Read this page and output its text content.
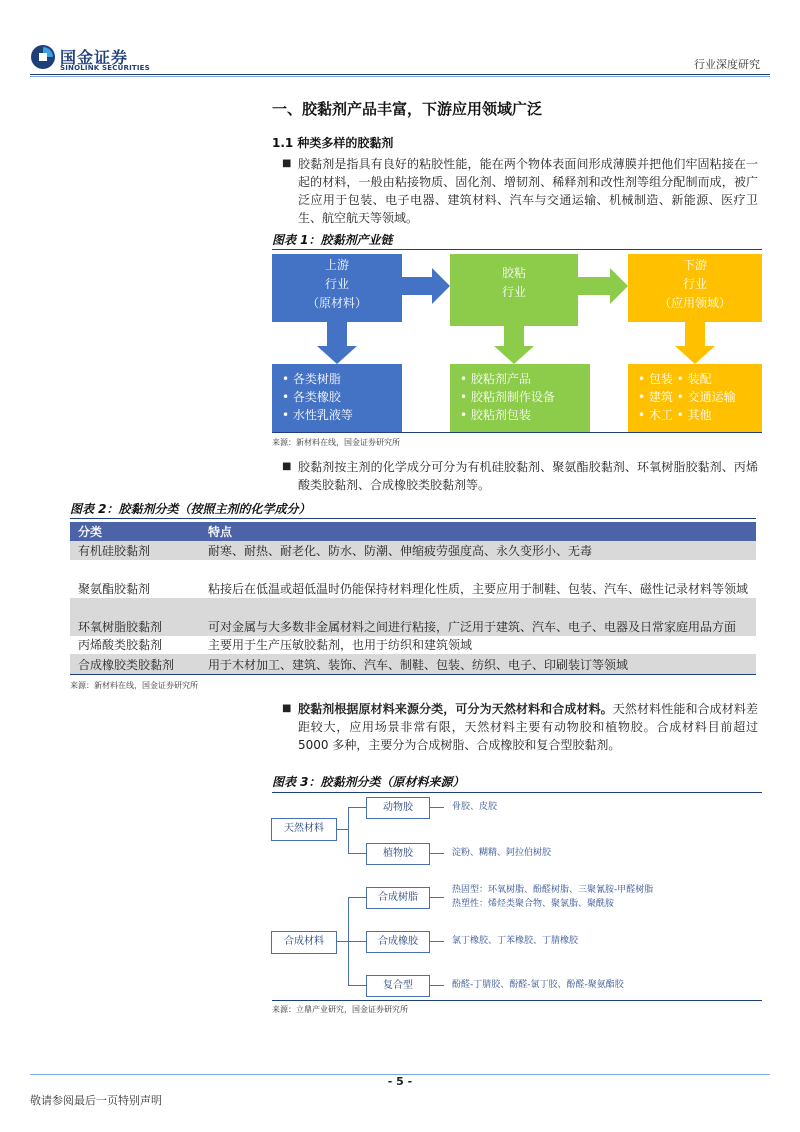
国金证券
SINOLINK SECURITIES	行业深度研究
一、胶黏剂产品丰富，下游应用领域广泛
1.1 种类多样的胶黏剂
■ 胶黏剂是指具有良好的粘胶性能，能在两个物体表面间形成薄膜并把他们牢固粘接在一起的材料，一般由粘接物质、固化剂、增韧剂、稀释剂和改性剂等组分配制而成，被广泛应用于包装、电子电器、建筑材料、汽车与交通运输、机械制造、新能源、医疗卫生、航空航天等领域。
图表 1：胶黏剂产业链
上游
行业
（原材料）
胶粘
行业
下游
行业
（应用领域）
• 各类树脂
• 各类橡胶
• 水性乳液等
• 胶粘剂产品
• 胶粘剂制作设备
• 胶粘剂包装
• 包装 • 装配
• 建筑 • 交通运输
• 木工 • 其他
来源：新材料在线，国金证券研究所
■ 胶黏剂按主剂的化学成分可分为有机硅胶黏剂、聚氨酯胶黏剂、环氧树脂胶黏剂、丙烯酸类胶黏剂、合成橡胶类胶黏剂等。
图表 2：胶黏剂分类（按照主剂的化学成分）
分类	特点
有机硅胶黏剂	耐寒、耐热、耐老化、防水、防潮、伸缩疲劳强度高、永久变形小、无毒
聚氨酯胶黏剂	粘接后在低温或超低温时仍能保持材料理化性质，主要应用于制鞋、包装、汽车、磁性记录材料等领域
环氧树脂胶黏剂	可对金属与大多数非金属材料之间进行粘接，广泛用于建筑、汽车、电子、电器及日常家庭用品方面
丙烯酸类胶黏剂	主要用于生产压敏胶黏剂，也用于纺织和建筑领域
合成橡胶类胶黏剂	用于木材加工、建筑、装饰、汽车、制鞋、包装、纺织、电子、印刷装订等领域
来源：新材料在线，国金证券研究所
■ 胶黏剂根据原材料来源分类，可分为天然材料和合成材料。天然材料性能和合成材料差距较大，应用场景非常有限，天然材料主要有动物胶和植物胶。合成材料目前超过 5000 多种，主要分为合成树脂、合成橡胶和复合型胶黏剂。
图表 3：胶黏剂分类（原材料来源）
天然材料
动物胶
植物胶
骨胶、皮胶
淀粉、糊精、阿拉伯树胶
合成材料
合成树脂
合成橡胶
复合型
热固型：环氧树脂、酚醛树脂、三聚氰胺-甲醛树脂
热塑性：烯烃类聚合物、聚氯脂、聚酰胺
氯丁橡胶、丁苯橡胶、丁腈橡胶
酚醛-丁腈胶、酚醛-氯丁胶、酚醛-聚氨酯胶
来源：立鼎产业研究，国金证券研究所
- 5 -
敬请参阅最后一页特别声明
